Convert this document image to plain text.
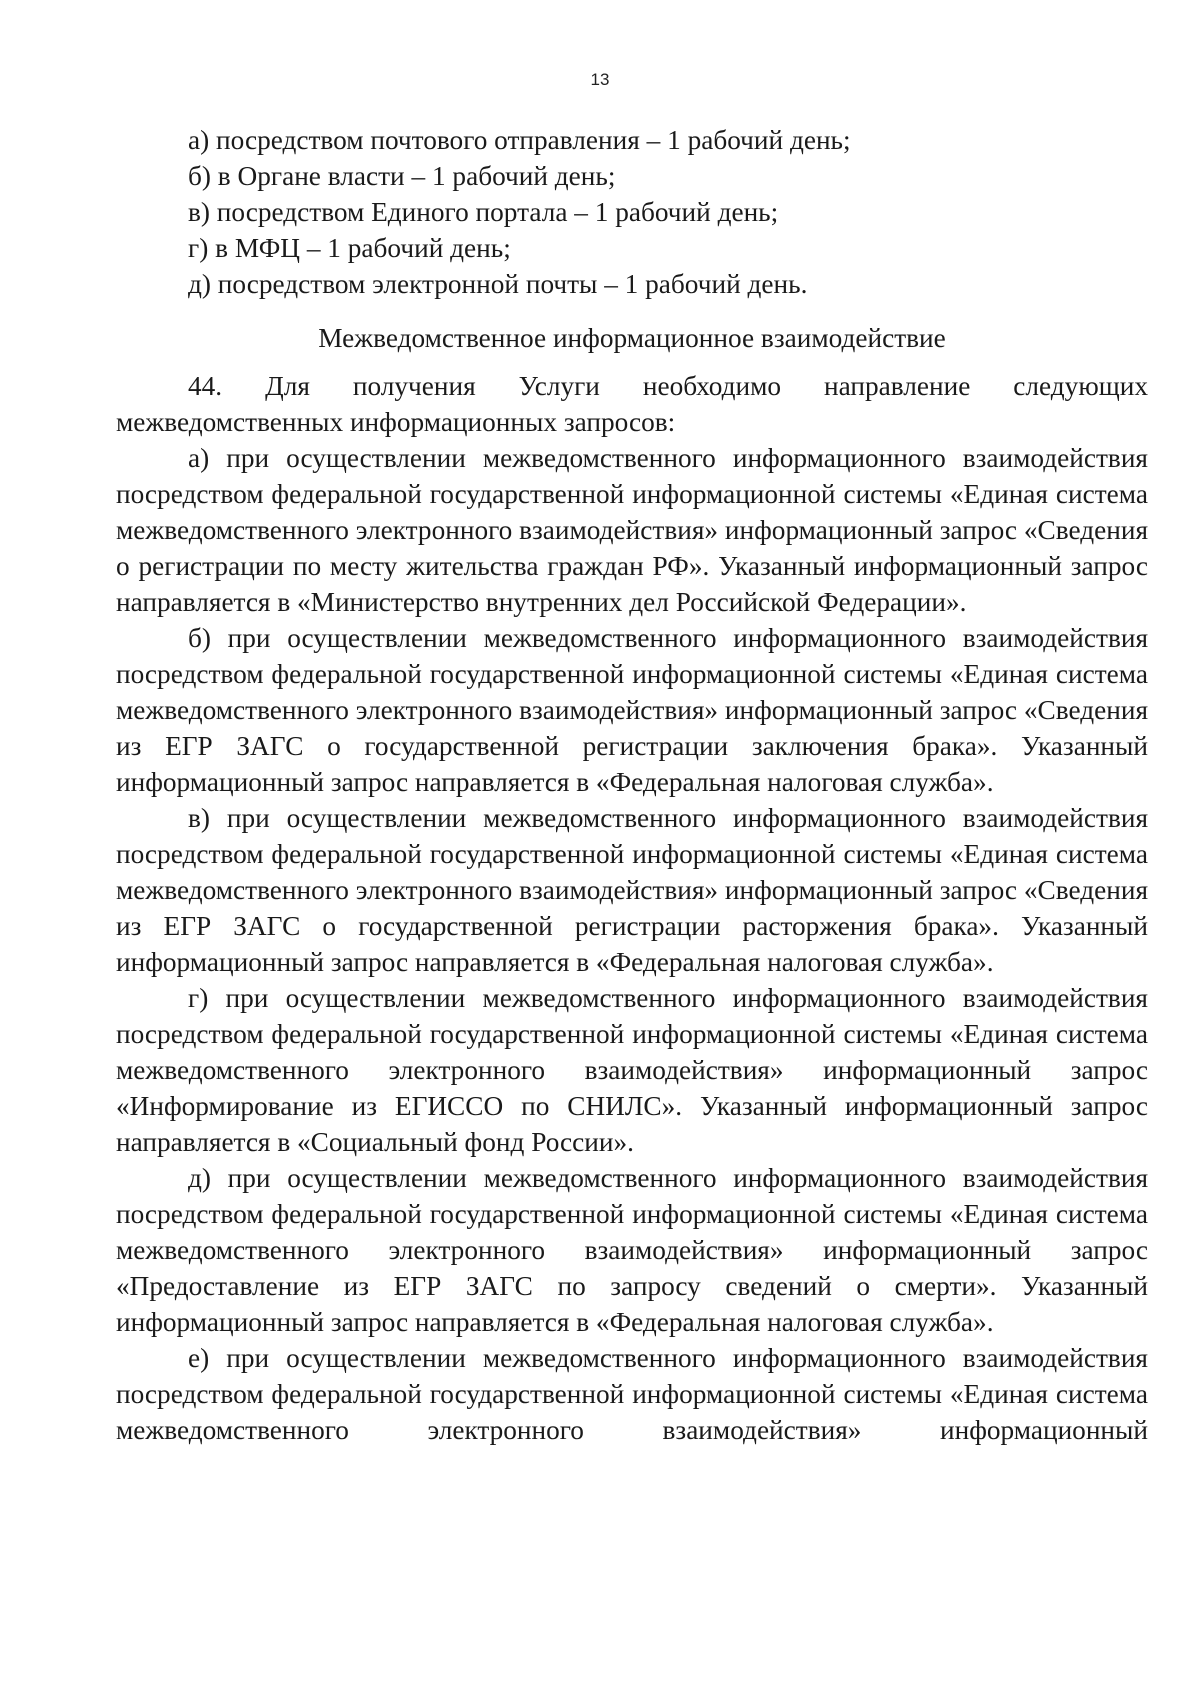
13

а) посредством почтового отправления – 1 рабочий день;

б) в Органе власти – 1 рабочий день;

в) посредством Единого портала – 1 рабочий день;

г) в МФЦ – 1 рабочий день;

д) посредством электронной почты – 1 рабочий день.

Межведомственное информационное взаимодействие

44. Для получения Услуги необходимо направление следующих межведомственных информационных запросов:

а) при осуществлении межведомственного информационного взаимодействия посредством федеральной государственной информационной системы «Единая система межведомственного электронного взаимодействия» информационный запрос «Сведения о регистрации по месту жительства граждан РФ». Указанный информационный запрос направляется в «Министерство внутренних дел Российской Федерации».

б) при осуществлении межведомственного информационного взаимодействия посредством федеральной государственной информационной системы «Единая система межведомственного электронного взаимодействия» информационный запрос «Сведения из ЕГР ЗАГС о государственной регистрации заключения брака». Указанный информационный запрос направляется в «Федеральная налоговая служба».

в) при осуществлении межведомственного информационного взаимодействия посредством федеральной государственной информационной системы «Единая система межведомственного электронного взаимодействия» информационный запрос «Сведения из ЕГР ЗАГС о государственной регистрации расторжения брака». Указанный информационный запрос направляется в «Федеральная налоговая служба».

г) при осуществлении межведомственного информационного взаимодействия посредством федеральной государственной информационной системы «Единая система межведомственного электронного взаимодействия» информационный запрос «Информирование из ЕГИССО по СНИЛС». Указанный информационный запрос направляется в «Социальный фонд России».

д) при осуществлении межведомственного информационного взаимодействия посредством федеральной государственной информационной системы «Единая система межведомственного электронного взаимодействия» информационный запрос «Предоставление из ЕГР ЗАГС по запросу сведений о смерти». Указанный информационный запрос направляется в «Федеральная налоговая служба».

е) при осуществлении межведомственного информационного взаимодействия посредством федеральной государственной информационной системы «Единая система межведомственного электронного взаимодействия» информационный
